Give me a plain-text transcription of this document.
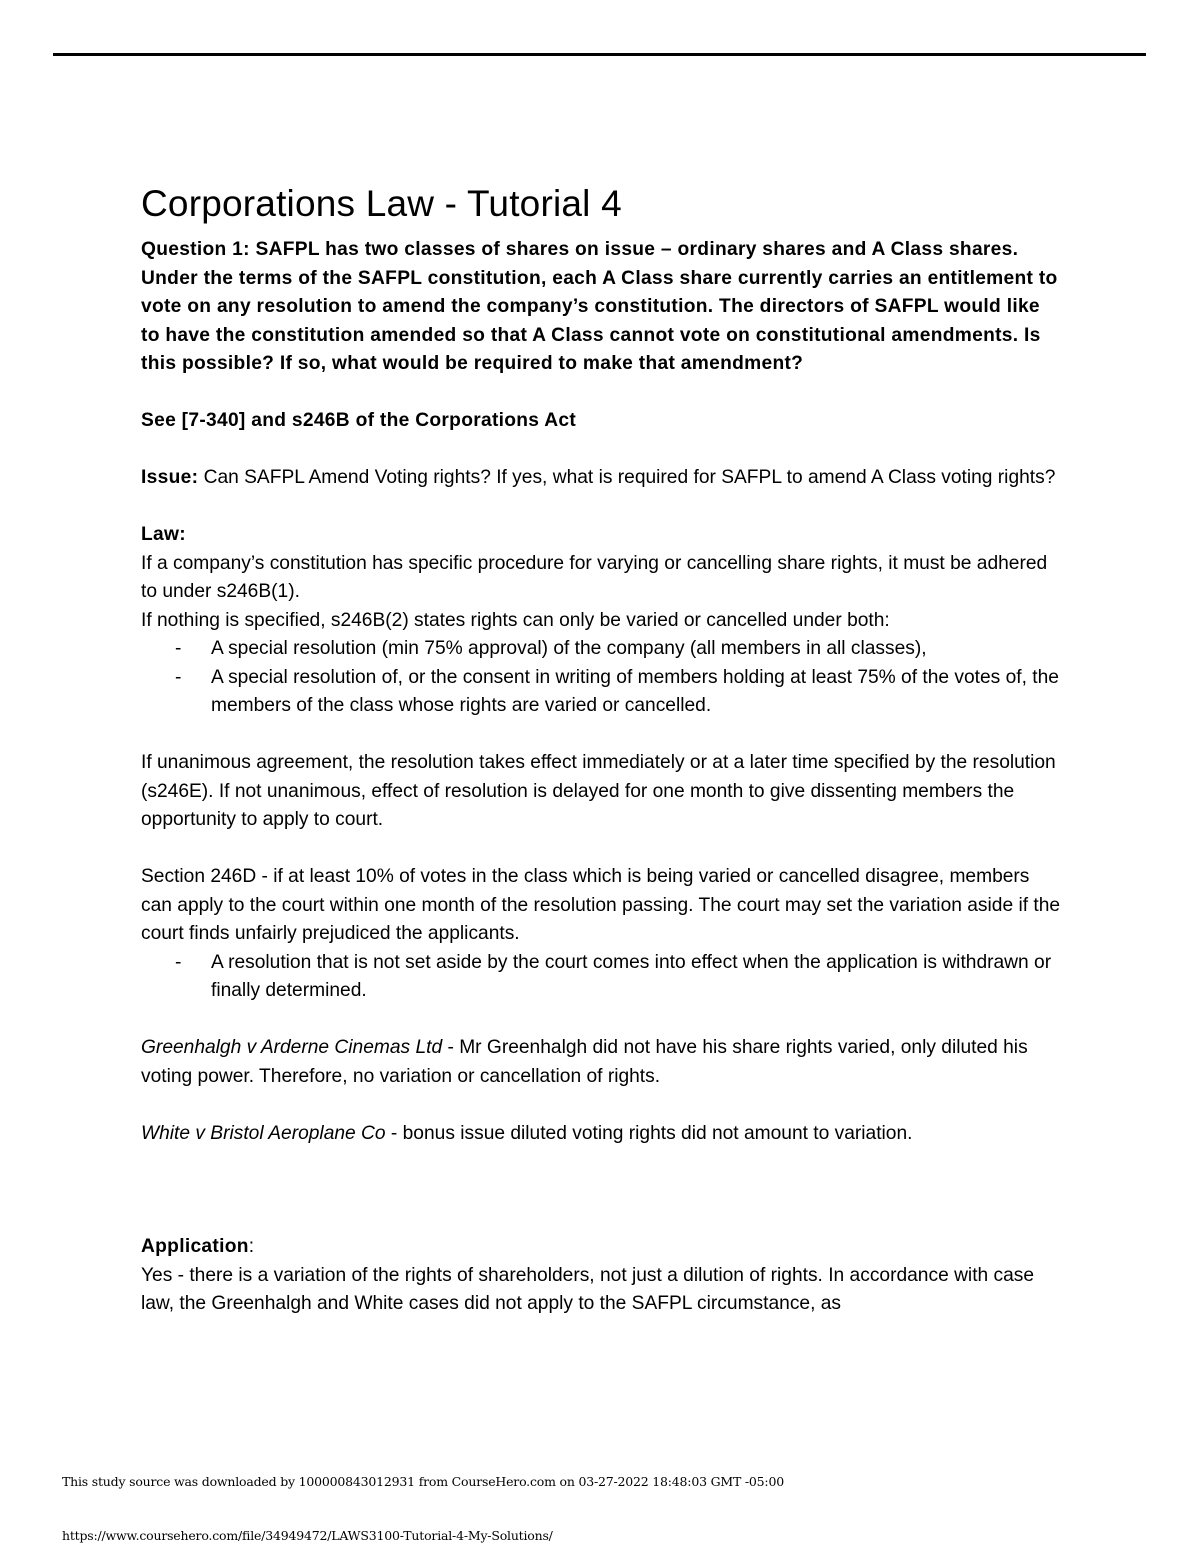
Corporations Law - Tutorial 4

Question 1: SAFPL has two classes of shares on issue – ordinary shares and A Class shares. Under the terms of the SAFPL constitution, each A Class share currently carries an entitlement to vote on any resolution to amend the company’s constitution. The directors of SAFPL would like to have the constitution amended so that A Class cannot vote on constitutional amendments. Is this possible? If so, what would be required to make that amendment?

See [7-340] and s246B of the Corporations Act

Issue: Can SAFPL Amend Voting rights? If yes, what is required for SAFPL to amend A Class voting rights?

Law:

If a company’s constitution has specific procedure for varying or cancelling share rights, it must be adhered to under s246B(1).

If nothing is specified, s246B(2) states rights can only be varied or cancelled under both:

- A special resolution (min 75% approval) of the company (all members in all classes),
- A special resolution of, or the consent in writing of members holding at least 75% of the votes of, the members of the class whose rights are varied or cancelled.

If unanimous agreement, the resolution takes effect immediately or at a later time specified by the resolution (s246E). If not unanimous, effect of resolution is delayed for one month to give dissenting members the opportunity to apply to court.

Section 246D - if at least 10% of votes in the class which is being varied or cancelled disagree, members can apply to the court within one month of the resolution passing. The court may set the variation aside if the court finds unfairly prejudiced the applicants.

- A resolution that is not set aside by the court comes into effect when the application is withdrawn or finally determined.

Greenhalgh v Arderne Cinemas Ltd - Mr Greenhalgh did not have his share rights varied, only diluted his voting power. Therefore, no variation or cancellation of rights.

White v Bristol Aeroplane Co - bonus issue diluted voting rights did not amount to variation.

Application:

Yes - there is a variation of the rights of shareholders, not just a dilution of rights. In accordance with case law, the Greenhalgh and White cases did not apply to the SAFPL circumstance, as

This study source was downloaded by 100000843012931 from CourseHero.com on 03-27-2022 18:48:03 GMT -05:00
https://www.coursehero.com/file/34949472/LAWS3100-Tutorial-4-My-Solutions/
